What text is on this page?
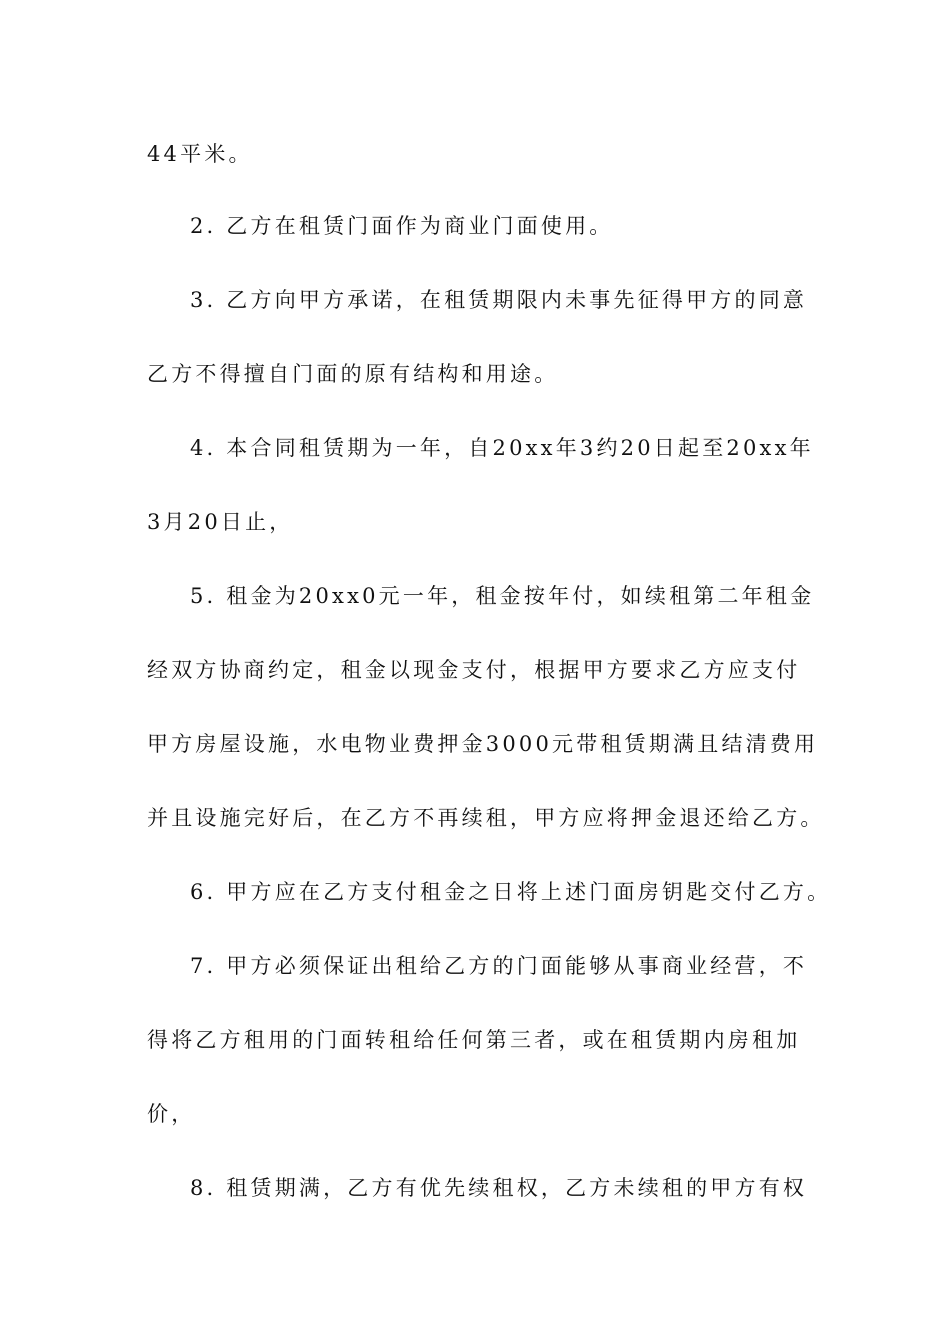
44平米。
2. 乙方在租赁门面作为商业门面使用。
3. 乙方向甲方承诺，在租赁期限内未事先征得甲方的同意
乙方不得擅自门面的原有结构和用途。
4. 本合同租赁期为一年，自20xx年3约20日起至20xx年
3月20日止，
5. 租金为20xx0元一年，租金按年付，如续租第二年租金
经双方协商约定，租金以现金支付，根据甲方要求乙方应支付
甲方房屋设施，水电物业费押金3000元带租赁期满且结清费用
并且设施完好后，在乙方不再续租，甲方应将押金退还给乙方。
6. 甲方应在乙方支付租金之日将上述门面房钥匙交付乙方。
7. 甲方必须保证出租给乙方的门面能够从事商业经营，不
得将乙方租用的门面转租给任何第三者，或在租赁期内房租加
价，
8. 租赁期满，乙方有优先续租权，乙方未续租的甲方有权
